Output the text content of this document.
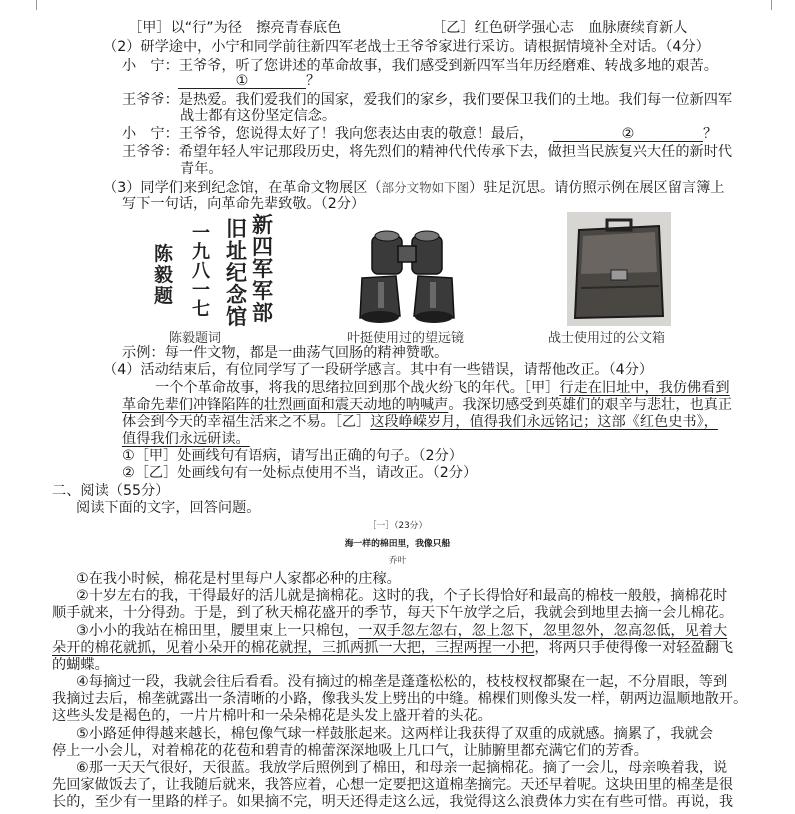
［甲］以“行”为径　擦亮青春底色	［乙］红色研学强心志　血脉赓续育新人
（2）研学途中，小宁和同学前往新四军老战士王爷爷家进行采访。请根据情境补全对话。（4分）
小　宁：王爷爷，听了您讲述的革命故事，我们感受到新四军当年历经磨难、转战多地的艰苦。
①	？
王爷爷：是热爱。我们爱我们的国家，爱我们的家乡，我们要保卫我们的土地。我们每一位新四军
战士都有这份坚定信念。
小　宁：王爷爷，您说得太好了！我向您表达由衷的敬意！最后，	②	？
王爷爷：希望年轻人牢记那段历史，将先烈们的精神代代传承下去，做担当民族复兴大任的新时代
青年。
（3）同学们来到纪念馆，在革命文物展区（部分文物如下图）驻足沉思。请仿照示例在展区留言簿上
写下一句话，向革命先辈致敬。（2分）
新
四
军
军
部
旧
址
纪
念
馆
一
九
八
一
七
陈
毅
题
陈毅题词	叶挺使用过的望远镜	战士使用过的公文箱
示例：每一件文物，都是一曲荡气回肠的精神赞歌。
（4）活动结束后，有位同学写了一段研学感言。其中有一些错误，请帮他改正。（4分）
一个个革命故事，将我的思绪拉回到那个战火纷飞的年代。［甲］行走在旧址中，我仿佛看到
革命先辈们冲锋陷阵的壮烈画面和震天动地的呐喊声。我深切感受到英雄们的艰辛与悲壮，也真正
体会到今天的幸福生活来之不易。［乙］这段峥嵘岁月，值得我们永远铭记；这部《红色史书》，
值得我们永远研读。
①［甲］处画线句有语病，请写出正确的句子。（2分）
②［乙］处画线句有一处标点使用不当，请改正。（2分）
二、阅读（55分）
阅读下面的文字，回答问题。
［一］（23分）
海一样的棉田里，我像只船
乔叶
①在我小时候，棉花是村里每户人家都必种的庄稼。
②十岁左右的我，干得最好的活儿就是摘棉花。这时的我，个子长得恰好和最高的棉枝一般般，摘棉花时
顺手就来，十分得劲。于是，到了秋天棉花盛开的季节，每天下午放学之后，我就会到地里去摘一会儿棉花。
③小小的我站在棉田里，腰里束上一只棉包，一双手忽左忽右，忽上忽下，忽里忽外，忽高忽低，见着大
朵开的棉花就抓，见着小朵开的棉花就捏，三抓两抓一大把，三捏两捏一小把，将两只手使得像一对轻盈翻飞
的蝴蝶。
④每摘过一段，我就会往后看看。没有摘过的棉垄是蓬蓬松松的，枝枝杈杈都聚在一起，不分眉眼，等到
我摘过去后，棉垄就露出一条清晰的小路，像我头发上劈出的中缝。棉棵们则像头发一样，朝两边温顺地散开。
这些头发是褐色的，一片片棉叶和一朵朵棉花是头发上盛开着的头花。
⑤小路延伸得越来越长，棉包像气球一样鼓胀起来。这两样让我获得了双重的成就感。摘累了，我就会
停上一小会儿，对着棉花的花苞和碧青的棉蕾深深地吸上几口气，让肺腑里都充满它们的芳香。
⑥那一天天气很好，天很蓝。我放学后照例到了棉田，和母亲一起摘棉花。摘了一会儿，母亲唤着我，说
先回家做饭去了，让我随后就来，我答应着，心想一定要把这道棉垄摘完。天还早着呢。这块田里的棉垄是很
长的，至少有一里路的样子。如果摘不完，明天还得走这么远，我觉得这么浪费体力实在有些可惜。再说，我
